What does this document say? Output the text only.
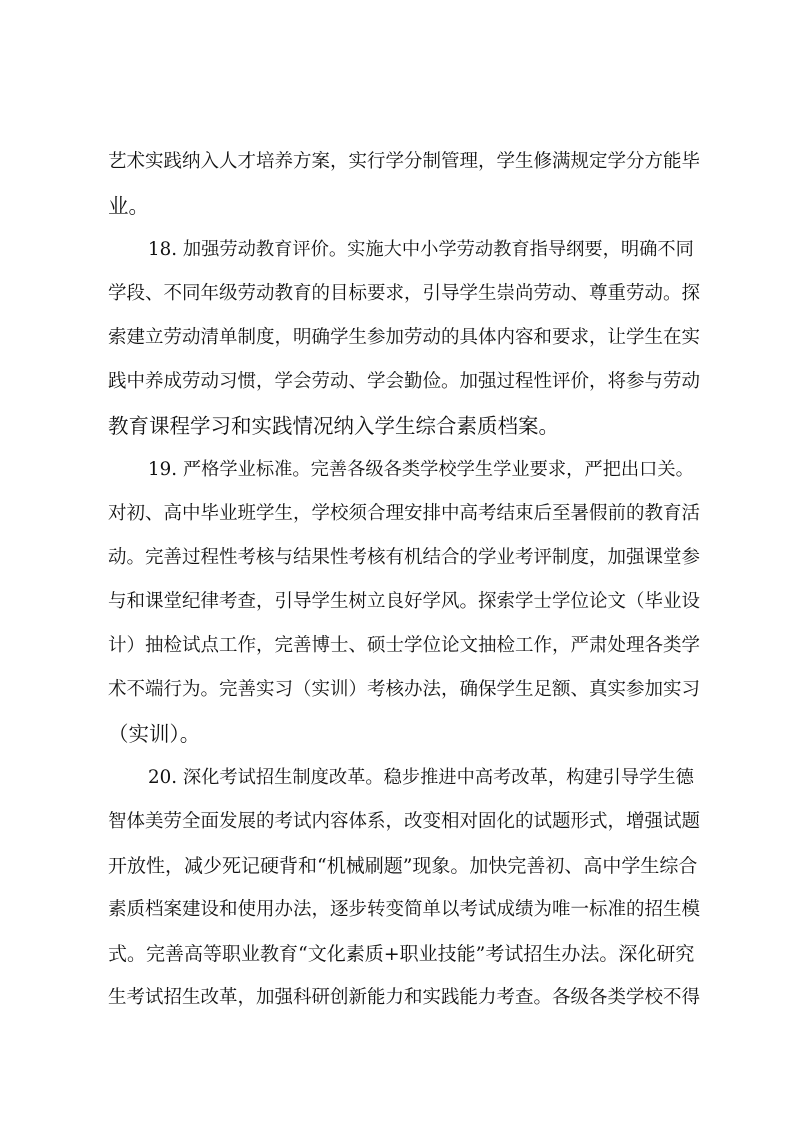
艺术实践纳入人才培养方案，实行学分制管理，学生修满规定学分方能毕
业。
18. 加强劳动教育评价。实施大中小学劳动教育指导纲要，明确不同
学段、不同年级劳动教育的目标要求，引导学生崇尚劳动、尊重劳动。探
索建立劳动清单制度，明确学生参加劳动的具体内容和要求，让学生在实
践中养成劳动习惯，学会劳动、学会勤俭。加强过程性评价，将参与劳动
教育课程学习和实践情况纳入学生综合素质档案。
19. 严格学业标准。完善各级各类学校学生学业要求，严把出口关。
对初、高中毕业班学生，学校须合理安排中高考结束后至暑假前的教育活
动。完善过程性考核与结果性考核有机结合的学业考评制度，加强课堂参
与和课堂纪律考查，引导学生树立良好学风。探索学士学位论文（毕业设
计）抽检试点工作，完善博士、硕士学位论文抽检工作，严肃处理各类学
术不端行为。完善实习（实训）考核办法，确保学生足额、真实参加实习
（实训）。
20. 深化考试招生制度改革。稳步推进中高考改革，构建引导学生德
智体美劳全面发展的考试内容体系，改变相对固化的试题形式，增强试题
开放性，减少死记硬背和“机械刷题”现象。加快完善初、高中学生综合
素质档案建设和使用办法，逐步转变简单以考试成绩为唯一标准的招生模
式。完善高等职业教育“文化素质+职业技能”考试招生办法。深化研究
生考试招生改革，加强科研创新能力和实践能力考查。各级各类学校不得
